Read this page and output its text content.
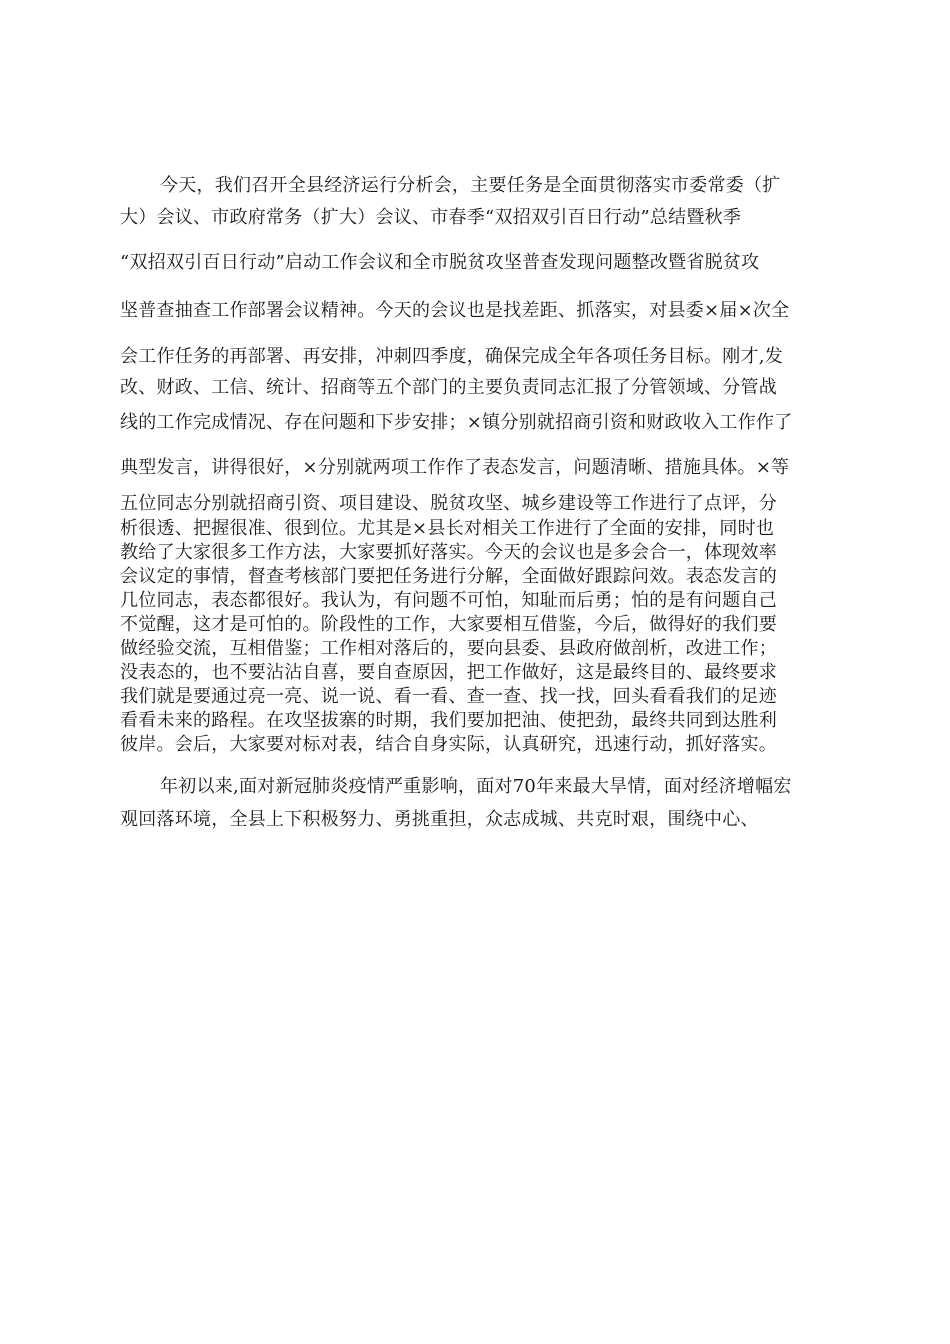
今天，我们召开全县经济运行分析会，主要任务是全面贯彻落实市委常委（扩
大）会议、市政府常务（扩大）会议、市春季“双招双引百日行动”总结暨秋季
“双招双引百日行动”启动工作会议和全市脱贫攻坚普查发现问题整改暨省脱贫攻
坚普查抽查工作部署会议精神。今天的会议也是找差距、抓落实，对县委×届×次全
会工作任务的再部署、再安排，冲刺四季度，确保完成全年各项任务目标。刚才,发
改、财政、工信、统计、招商等五个部门的主要负责同志汇报了分管领域、分管战
线的工作完成情况、存在问题和下步安排；×镇分别就招商引资和财政收入工作作了
典型发言，讲得很好，×分别就两项工作作了表态发言，问题清晰、措施具体。×等
五位同志分别就招商引资、项目建设、脱贫攻坚、城乡建设等工作进行了点评，分
析很透、把握很准、很到位。尤其是×县长对相关工作进行了全面的安排，同时也
教给了大家很多工作方法，大家要抓好落实。今天的会议也是多会合一，体现效率
会议定的事情，督查考核部门要把任务进行分解，全面做好跟踪问效。表态发言的
几位同志，表态都很好。我认为，有问题不可怕，知耻而后勇；怕的是有问题自己
不觉醒，这才是可怕的。阶段性的工作，大家要相互借鉴，今后，做得好的我们要
做经验交流，互相借鉴；工作相对落后的，要向县委、县政府做剖析，改进工作；
没表态的，也不要沾沾自喜，要自查原因，把工作做好，这是最终目的、最终要求
我们就是要通过亮一亮、说一说、看一看、查一查、找一找，回头看看我们的足迹
看看未来的路程。在攻坚拔寨的时期，我们要加把油、使把劲，最终共同到达胜利
彼岸。会后，大家要对标对表，结合自身实际，认真研究，迅速行动，抓好落实。
年初以来,面对新冠肺炎疫情严重影响，面对70年来最大旱情，面对经济增幅宏
观回落环境，全县上下积极努力、勇挑重担，众志成城、共克时艰，围绕中心、
